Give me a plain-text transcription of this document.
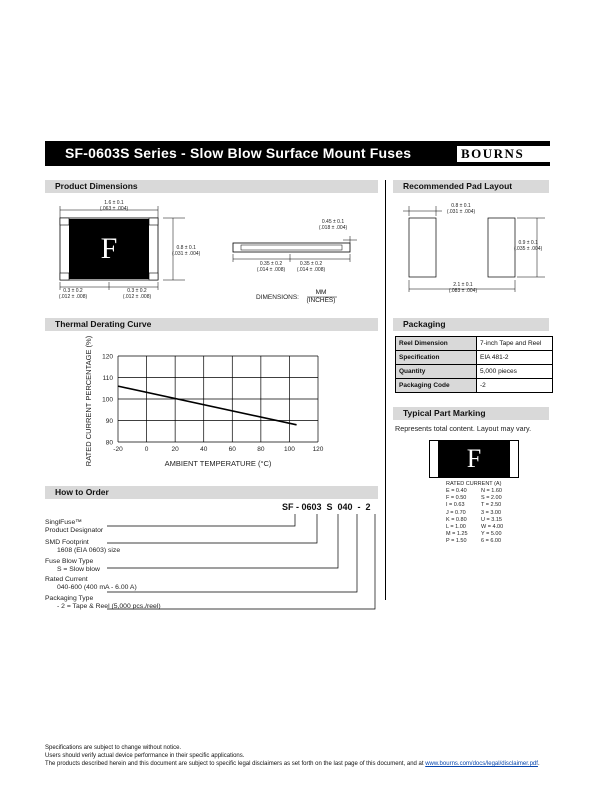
SF-0603S Series - Slow Blow Surface Mount Fuses	BOURNS	®
Product Dimensions	Recommended Pad Layout
Thermal Derating Curve	Packaging
Typical Part Marking
How to Order
F
1.6 ± 0.1
(.063 ± .004)
0.8 ± 0.1
(.031 ± .004)
0.3 ± 0.2
(.012 ± .008)
0.3 ± 0.2
(.012 ± .008)
0.45 ± 0.1
(.018 ± .004)
0.35 ± 0.2
(.014 ± .008)
0.35 ± 0.2
(.014 ± .008)
DIMENSIONS:
MM
(INCHES)
0.8 ± 0.1
(.031 ± .004)
0.9 ± 0.1
(.035 ± .004)
2.1 ± 0.1
(.083 ± .004)
-20	0	20	40	60	80	100	120
80
90
100
110
120
AMBIENT TEMPERATURE (°C)
RATED CURRENT PERCENTAGE (%)	Reel Dimension	7-inch Tape and Reel
Specification	EIA 481-2
Quantity	5,000 pieces
Packaging Code	-2
Represents total content. Layout may vary.
F
RATED CURRENT (A)
E = 0.40
F = 0.50
I = 0.63
J = 0.70
K = 0.80
L = 1.00
M = 1.25
P = 1.50
N = 1.60
S = 2.00
T = 2.50
3 = 3.00
U = 3.15
W = 4.00
Y = 5.00
6 = 6.00
SF - 0603  S  040  -  2
SinglFuse™
Product Designator
SMD Footprint
1608 (EIA 0603) size
Fuse Blow Type
S = Slow blow
Rated Current
040-600 (400 mA - 6.00 A)
Packaging Type
- 2 = Tape & Reel (5,000 pcs./reel)
Specifications are subject to change without notice.
Users should verify actual device performance in their specific applications.
The products described herein and this document are subject to specific legal disclaimers as set forth on the last page of this document, and at www.bourns.com/docs/legal/disclaimer.pdf.
